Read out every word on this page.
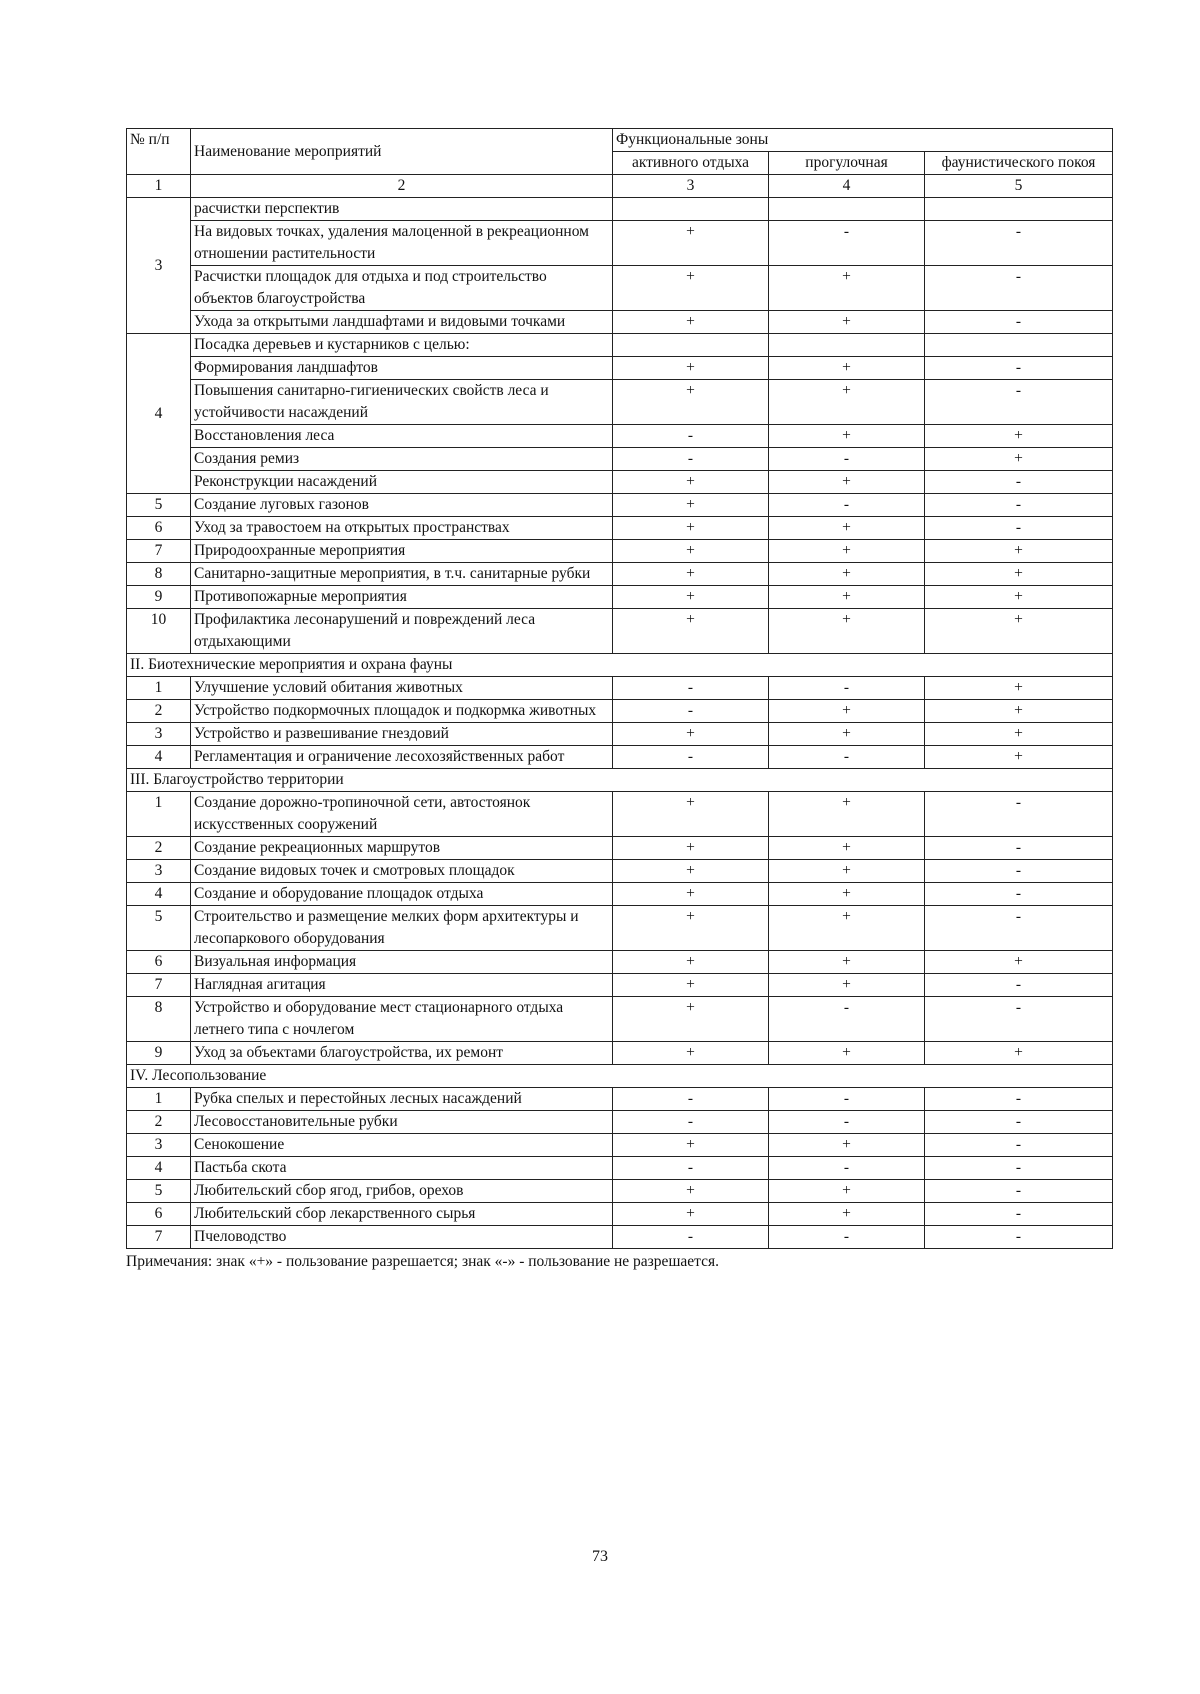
№ п/п	Наименование мероприятий	Функциональные зоны		
		активного отдыха	прогулочная	фаунистического покоя
1	2	3	4	5
3	расчистки перспектив			
	На видовых точках, удаления малоценной в рекреационном отношении растительности	+	-	-
	Расчистки площадок для отдыха и под строительство объектов благоустройства	+	+	-
	Ухода за открытыми ландшафтами и видовыми точками	+	+	-
4	Посадка деревьев и кустарников с целью:			
	Формирования ландшафтов	+	+	-
	Повышения санитарно-гигиенических свойств леса и устойчивости насаждений	+	+	-
	Восстановления леса	-	+	+
	Создания ремиз	-	-	+
	Реконструкции насаждений	+	+	-
5	Создание луговых газонов	+	-	-
6	Уход за травостоем на открытых пространствах	+	+	-
7	Природоохранные мероприятия	+	+	+
8	Санитарно-защитные мероприятия, в т.ч. санитарные рубки	+	+	+
9	Противопожарные мероприятия	+	+	+
10	Профилактика лесонарушений и повреждений леса отдыхающими	+	+	+
II. Биотехнические мероприятия и охрана фауны				
1	Улучшение условий обитания животных	-	-	+
2	Устройство подкормочных площадок и подкормка животных	-	+	+
3	Устройство и развешивание гнездовий	+	+	+
4	Регламентация и ограничение лесохозяйственных работ	-	-	+
III. Благоустройство территории				
1	Создание дорожно-тропиночной сети, автостоянок искусственных сооружений	+	+	-
2	Создание рекреационных маршрутов	+	+	-
3	Создание видовых точек и смотровых площадок	+	+	-
4	Создание и оборудование площадок отдыха	+	+	-
5	Строительство и размещение мелких форм архитектуры и лесопаркового оборудования	+	+	-
6	Визуальная информация	+	+	+
7	Наглядная агитация	+	+	-
8	Устройство и оборудование мест стационарного отдыха летнего типа с ночлегом	+	-	-
9	Уход за объектами благоустройства, их ремонт	+	+	+
IV. Лесопользование				
1	Рубка спелых и перестойных лесных насаждений	-	-	-
2	Лесовосстановительные рубки	-	-	-
3	Сенокошение	+	+	-
4	Пастьба скота	-	-	-
5	Любительский сбор ягод, грибов, орехов	+	+	-
6	Любительский сбор лекарственного сырья	+	+	-
7	Пчеловодство	-	-	-
Примечания: знак «+» - пользование разрешается; знак «-» - пользование не разрешается.
73
